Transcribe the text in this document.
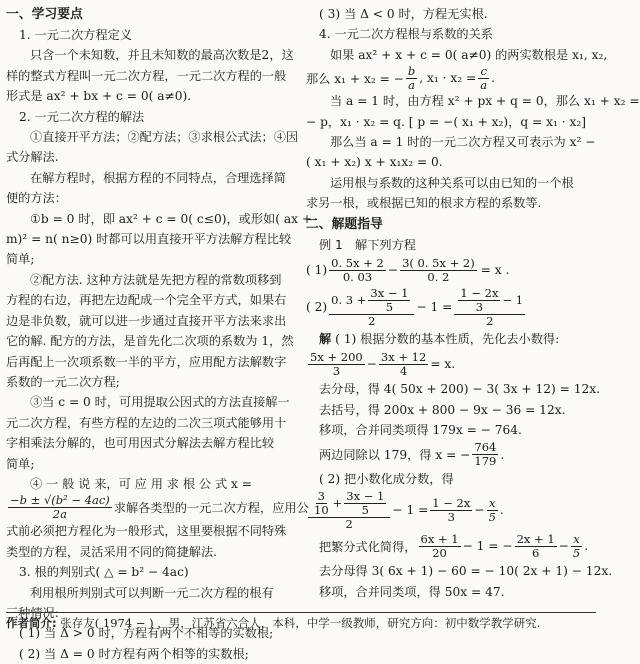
一、学习要点

1. 一元二次方程定义

只含一个未知数，并且未知数的最高次数是2，这

样的整式方程叫一元二次方程，一元二次方程的一般

形式是 ax² + bx + c = 0( a≠0).

2. 一元二次方程的解法

①直接开平方法；②配方法；③求根公式法；④因

式分解法.

在解方程时，根据方程的不同特点，合理选择简

便的方法：

①b = 0 时，即 ax² + c = 0( c≤0)，或形如( ax +

m)² = n( n≥0) 时都可以用直接开平方法解方程比较

简单;

②配方法. 这种方法就是先把方程的常数项移到

方程的右边，再把左边配成一个完全平方式，如果右

边是非负数，就可以进一步通过直接开平方法来求出

它的解. 配方的方法，是首先化二次项的系数为 1，然

后再配上一次项系数一半的平方，应用配方法解数字

系数的一元二次方程;

③当 c = 0 时，可用提取公因式的方法直接解一

元二次方程，有些方程的左边的二次三项式能够用十

字相乘法分解的，也可用因式分解法去解方程比较

简单;

④ 一 般 说 来，可 应 用 求 根 公 式 x =

$\frac{\text{−b ± √(b² − 4ac)}}{2a}$ 求解各类型的一元二次方程，应用公

式前必须把方程化为一般形式，这里要根据不同特殊

类型的方程，灵活采用不同的简捷解法.

3. 根的判别式( △ = b² − 4ac)

利用根所判别式可以判断一元二次方程的根有

三种情况:

( 1) 当 Δ > 0 时，方程有两个不相等的实数根;

( 2) 当 Δ = 0 时方程有两个相等的实数根;

( 3) 当 Δ < 0 时，方程无实根.

4. 一元二次方程根与系数的关系

如果 ax² + x + c = 0( a≠0) 的两实数根是 x₁, x₂,

那么 x₁ + x₂ = − $\frac{b}{a}$ , $x_1 \cdot x_2 = \frac{c}{a}$ .

当 a = 1 时，由方程 x² + px + q = 0，那么 x₁ + x₂ =

− p，x₁ · x₂ = q. [ p = −( x₁ + x₂)，q = x₁ · x₂]

那么当 a = 1 时的一元二次方程又可表示为 x² −

( x₁ + x₂) x + x₁x₂ = 0.

运用根与系数的这种关系可以由已知的一个根

求另一根，或根据已知的根求方程的系数等.

二、解题指导

例 1　解下列方程

( $1) \frac{0. 5x + 2}{0. 03} - \frac{3( 0. 5x + 2)}{0. 2} = x$ .
( $2) \frac{0. 3 + \frac{3x - 1}{5}}{2} - 1 = \frac{\frac{1 - 2x}{3} - 1}{2}$

解 ( 1) 根据分数的基本性质，先化去小数得:

$\frac{5x + 200}{3} - \frac{3x + 12}{4} = x$.

去分母，得 4( 50x + 200) − 3( 3x + 12) = 12x.

去括号，得 200x + 800 − 9x − 36 = 12x.

移项，合并同类项得 179x = − 764.

两边同除以 179，得 x = − $\frac{764}{179}$ .

( 2) 把小数化成分数，得

$\frac{\frac{3}{10} + \frac{3x - 1}{5}}{2} - 1 = \frac{1 - 2x}{3} - \frac{x}{5}$ .
把繁分式化简得， $\frac{6x + 1}{20} - 1$ = − $\frac{2x + 1}{6} - \frac{x}{5}$ .

去分母得 3( 6x + 1) − 60 = − 10( 2x + 1) − 12x.

移项，合并同类项，得 50x = 47.

作者简介: 张存友( 1974 − ) ，男，江苏省六合人，本科，中学一级教师，研究方向：初中数学教学研究.
